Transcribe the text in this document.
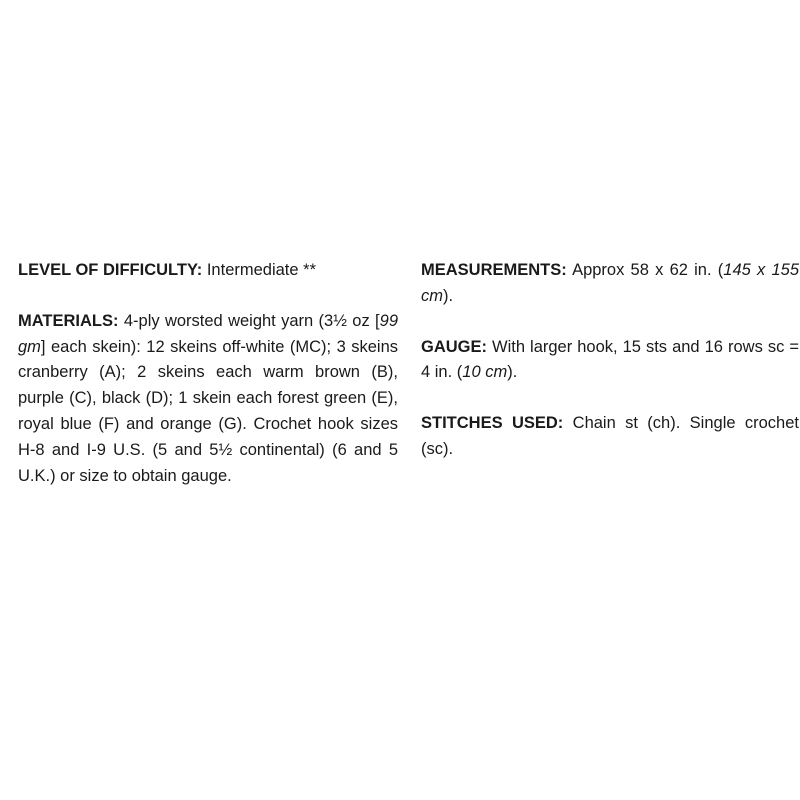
LEVEL OF DIFFICULTY: Intermediate **

MATERIALS: 4-ply worsted weight yarn (3½ oz [99 gm] each skein): 12 skeins off-white (MC); 3 skeins cranberry (A); 2 skeins each warm brown (B), purple (C), black (D); 1 skein each forest green (E), royal blue (F) and orange (G). Crochet hook sizes H-8 and I-9 U.S. (5 and 5½ continental) (6 and 5 U.K.) or size to obtain gauge.

MEASUREMENTS: Approx 58 x 62 in. (145 x 155 cm).

GAUGE: With larger hook, 15 sts and 16 rows sc = 4 in. (10 cm).

STITCHES USED: Chain st (ch). Single crochet (sc).
